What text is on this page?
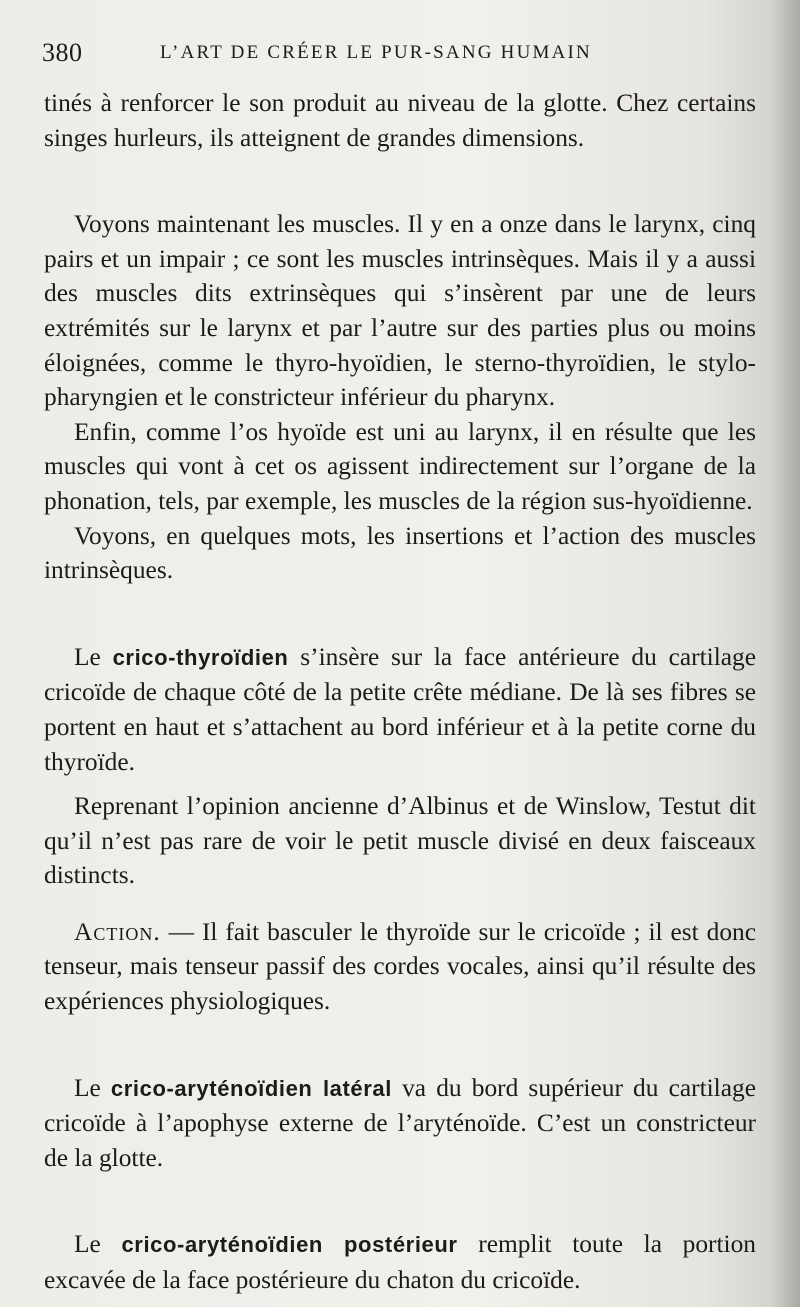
380	L’ART DE CRÉER LE PUR-SANG HUMAIN

tinés à renforcer le son produit au niveau de la glotte. Chez certains singes hurleurs, ils atteignent de grandes dimensions.

Voyons maintenant les muscles. Il y en a onze dans le larynx, cinq pairs et un impair ; ce sont les muscles intrinsèques. Mais il y a aussi des muscles dits extrinsèques qui s’insèrent par une de leurs extrémités sur le larynx et par l’autre sur des parties plus ou moins éloignées, comme le thyro-hyoïdien, le sterno-thyroïdien, le stylo-pharyngien et le constricteur inférieur du pharynx.

Enfin, comme l’os hyoïde est uni au larynx, il en résulte que les muscles qui vont à cet os agissent indirectement sur l’organe de la phonation, tels, par exemple, les muscles de la région sus-hyoïdienne.

Voyons, en quelques mots, les insertions et l’action des muscles intrinsèques.

Le crico-thyroïdien s’insère sur la face antérieure du cartilage cricoïde de chaque côté de la petite crête médiane. De là ses fibres se portent en haut et s’attachent au bord inférieur et à la petite corne du thyroïde.

Reprenant l’opinion ancienne d’Albinus et de Winslow, Testut dit qu’il n’est pas rare de voir le petit muscle divisé en deux faisceaux distincts.

Action. — Il fait basculer le thyroïde sur le cricoïde ; il est donc tenseur, mais tenseur passif des cordes vocales, ainsi qu’il résulte des expériences physiologiques.

Le crico-aryténoïdien latéral va du bord supérieur du cartilage cricoïde à l’apophyse externe de l’aryténoïde. C’est un constricteur de la glotte.

Le crico-aryténoïdien postérieur remplit toute la portion excavée de la face postérieure du chaton du cricoïde.
